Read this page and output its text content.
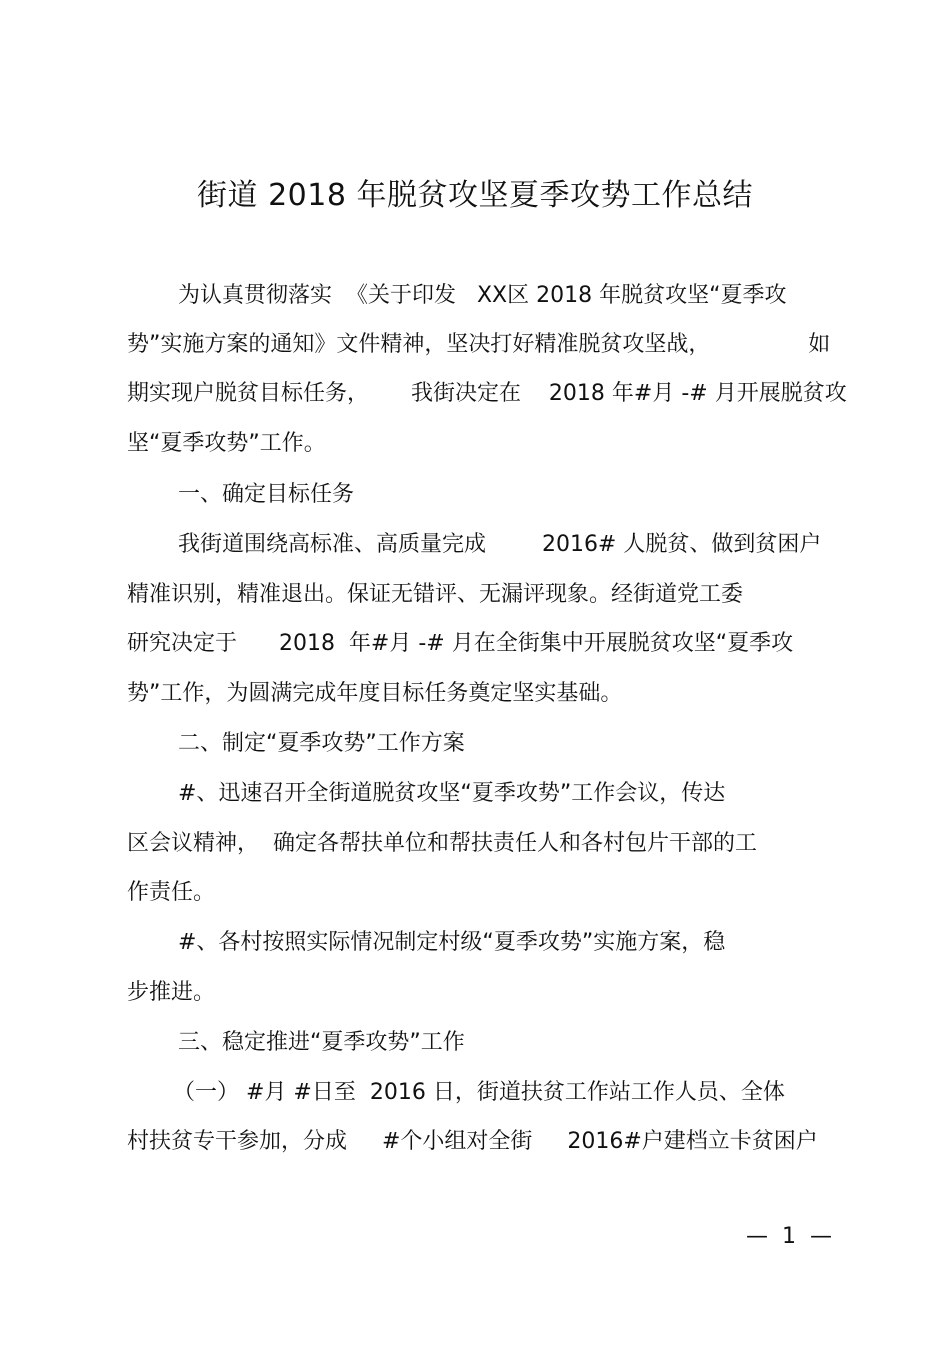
街道 2018 年脱贫攻坚夏季攻势工作总结
为认真贯彻落实  《关于印发   XX区 2018 年脱贫攻坚“夏季攻
势”实施方案的通知》文件精神，坚决打好精准脱贫攻坚战，              如
期实现户脱贫目标任务，      我街决定在    2018 年#月 -# 月开展脱贫攻
坚“夏季攻势”工作。
一、确定目标任务
我街道围绕高标准、高质量完成        2016# 人脱贫、做到贫困户
精准识别，精准退出。保证无错评、无漏评现象。经街道党工委
研究决定于      2018  年#月 -# 月在全街集中开展脱贫攻坚“夏季攻
势”工作，为圆满完成年度目标任务奠定坚实基础。
二、制定“夏季攻势”工作方案
#、迅速召开全街道脱贫攻坚“夏季攻势”工作会议，传达
区会议精神，  确定各帮扶单位和帮扶责任人和各村包片干部的工
作责任。
#、各村按照实际情况制定村级“夏季攻势”实施方案，稳
步推进。
三、稳定推进“夏季攻势”工作
（一） #月 #日至  2016 日，街道扶贫工作站工作人员、全体
村扶贫专干参加，分成     #个小组对全街     2016#户建档立卡贫困户
—  1  —
